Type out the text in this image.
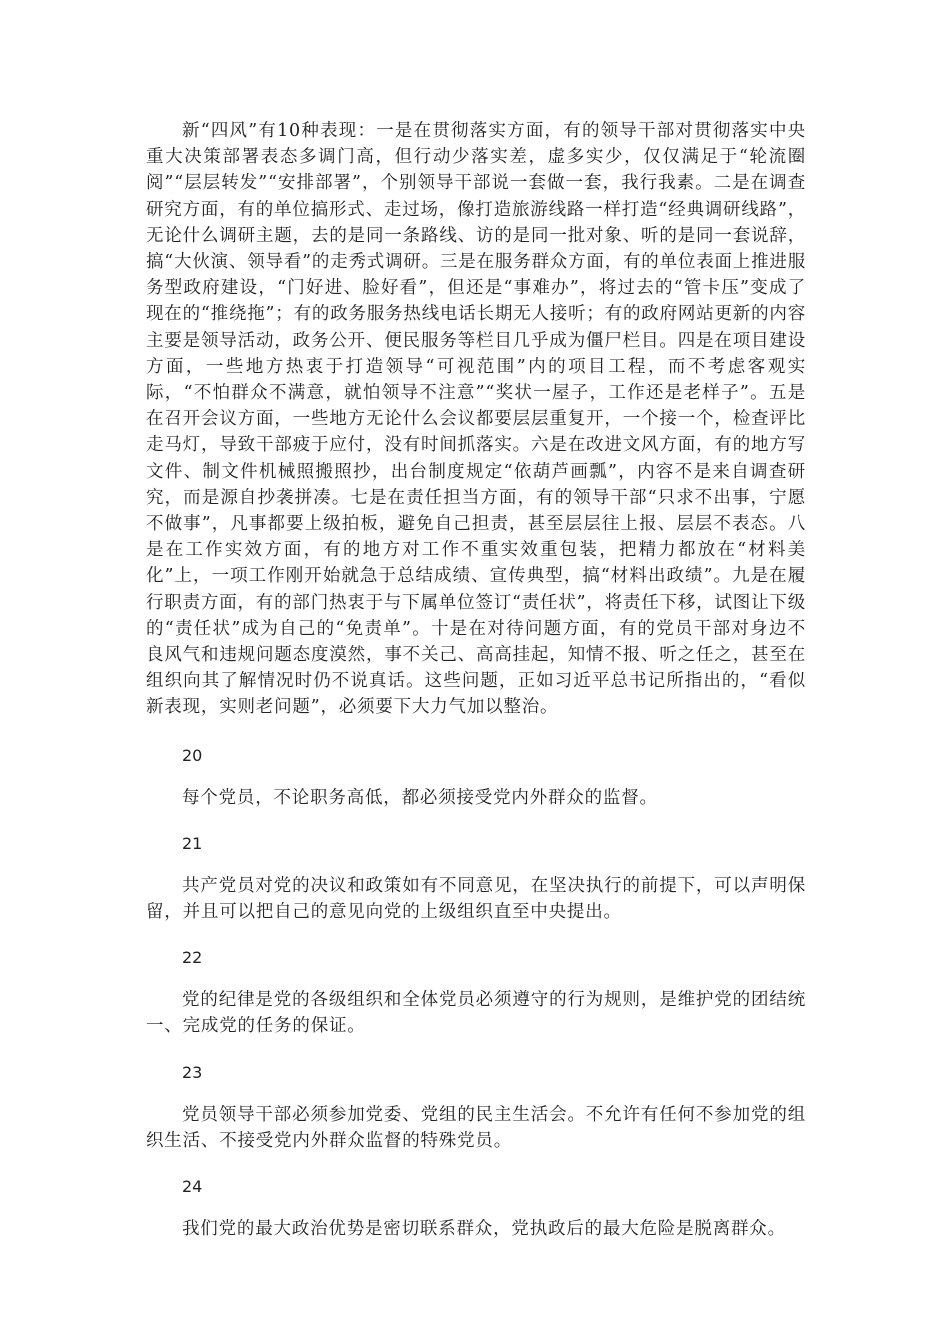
新“四风”有10种表现：一是在贯彻落实方面，有的领导干部对贯彻落实中央重大决策部署表态多调门高，但行动少落实差，虚多实少，仅仅满足于“轮流圈阅”“层层转发”“安排部署”，个别领导干部说一套做一套，我行我素。二是在调查研究方面，有的单位搞形式、走过场，像打造旅游线路一样打造“经典调研线路”，无论什么调研主题，去的是同一条路线、访的是同一批对象、听的是同一套说辞，搞“大伙演、领导看”的走秀式调研。三是在服务群众方面，有的单位表面上推进服务型政府建设，“门好进、脸好看”，但还是“事难办”，将过去的“管卡压”变成了现在的“推绕拖”；有的政务服务热线电话长期无人接听；有的政府网站更新的内容主要是领导活动，政务公开、便民服务等栏目几乎成为僵尸栏目。四是在项目建设方面，一些地方热衷于打造领导“可视范围”内的项目工程，而不考虑客观实际，“不怕群众不满意，就怕领导不注意”“奖状一屋子，工作还是老样子”。五是在召开会议方面，一些地方无论什么会议都要层层重复开，一个接一个，检查评比走马灯，导致干部疲于应付，没有时间抓落实。六是在改进文风方面，有的地方写文件、制文件机械照搬照抄，出台制度规定“依葫芦画瓢”，内容不是来自调查研究，而是源自抄袭拼凑。七是在责任担当方面，有的领导干部“只求不出事，宁愿不做事”，凡事都要上级拍板，避免自己担责，甚至层层往上报、层层不表态。八是在工作实效方面，有的地方对工作不重实效重包装，把精力都放在“材料美化”上，一项工作刚开始就急于总结成绩、宣传典型，搞“材料出政绩”。九是在履行职责方面，有的部门热衷于与下属单位签订“责任状”，将责任下移，试图让下级的“责任状”成为自己的“免责单”。十是在对待问题方面，有的党员干部对身边不良风气和违规问题态度漠然，事不关己、高高挂起，知情不报、听之任之，甚至在组织向其了解情况时仍不说真话。这些问题，正如习近平总书记所指出的，“看似新表现，实则老问题”，必须要下大力气加以整治。

20

每个党员，不论职务高低，都必须接受党内外群众的监督。

21

共产党员对党的决议和政策如有不同意见，在坚决执行的前提下，可以声明保留，并且可以把自己的意见向党的上级组织直至中央提出。

22

党的纪律是党的各级组织和全体党员必须遵守的行为规则，是维护党的团结统一、完成党的任务的保证。

23

党员领导干部必须参加党委、党组的民主生活会。不允许有任何不参加党的组织生活、不接受党内外群众监督的特殊党员。

24

我们党的最大政治优势是密切联系群众，党执政后的最大危险是脱离群众。
